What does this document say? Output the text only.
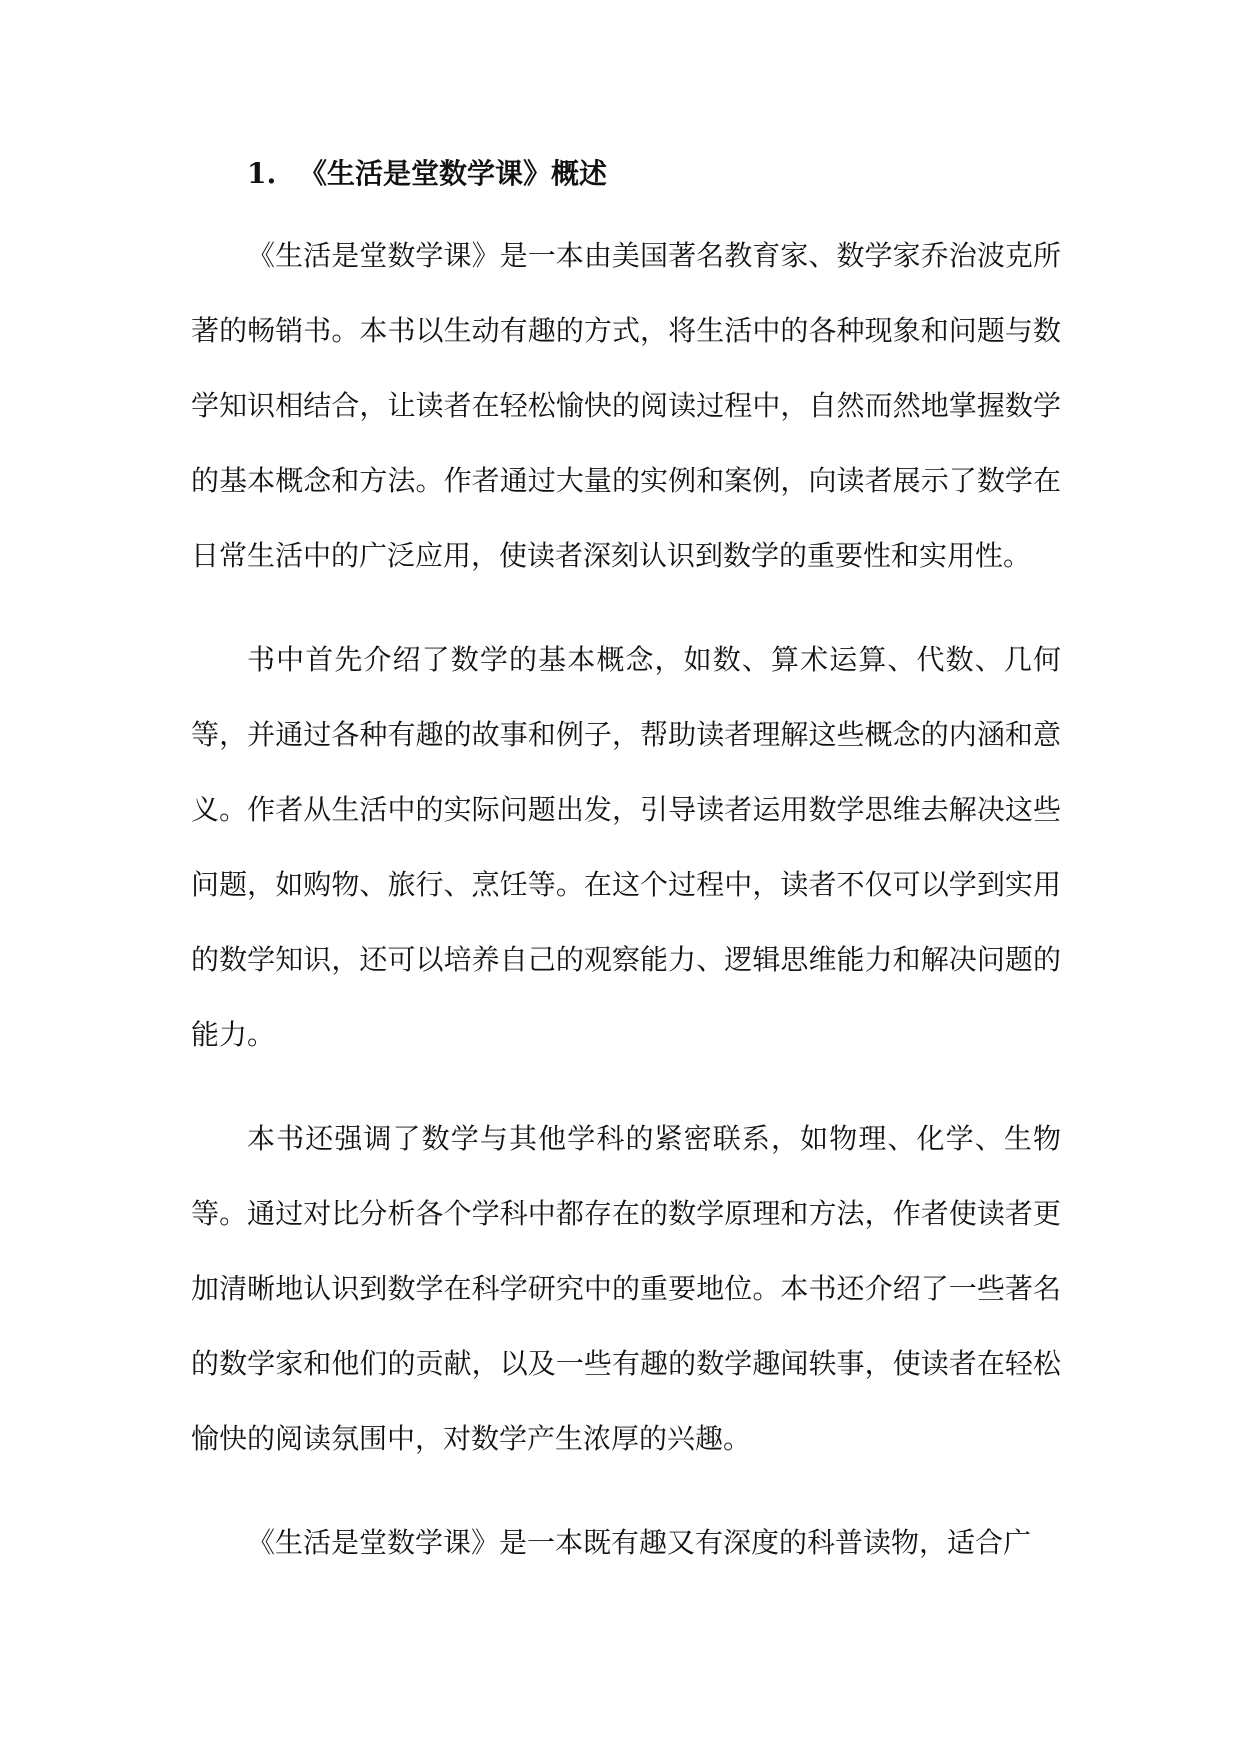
1. 《生活是堂数学课》概述

《生活是堂数学课》是一本由美国著名教育家、数学家乔治波克所著的畅销书。本书以生动有趣的方式，将生活中的各种现象和问题与数学知识相结合，让读者在轻松愉快的阅读过程中，自然而然地掌握数学的基本概念和方法。作者通过大量的实例和案例，向读者展示了数学在日常生活中的广泛应用，使读者深刻认识到数学的重要性和实用性。

书中首先介绍了数学的基本概念，如数、算术运算、代数、几何等，并通过各种有趣的故事和例子，帮助读者理解这些概念的内涵和意义。作者从生活中的实际问题出发，引导读者运用数学思维去解决这些问题，如购物、旅行、烹饪等。在这个过程中，读者不仅可以学到实用的数学知识，还可以培养自己的观察能力、逻辑思维能力和解决问题的能力。

本书还强调了数学与其他学科的紧密联系，如物理、化学、生物等。通过对比分析各个学科中都存在的数学原理和方法，作者使读者更加清晰地认识到数学在科学研究中的重要地位。本书还介绍了一些著名的数学家和他们的贡献，以及一些有趣的数学趣闻轶事，使读者在轻松愉快的阅读氛围中，对数学产生浓厚的兴趣。

《生活是堂数学课》是一本既有趣又有深度的科普读物，适合广
